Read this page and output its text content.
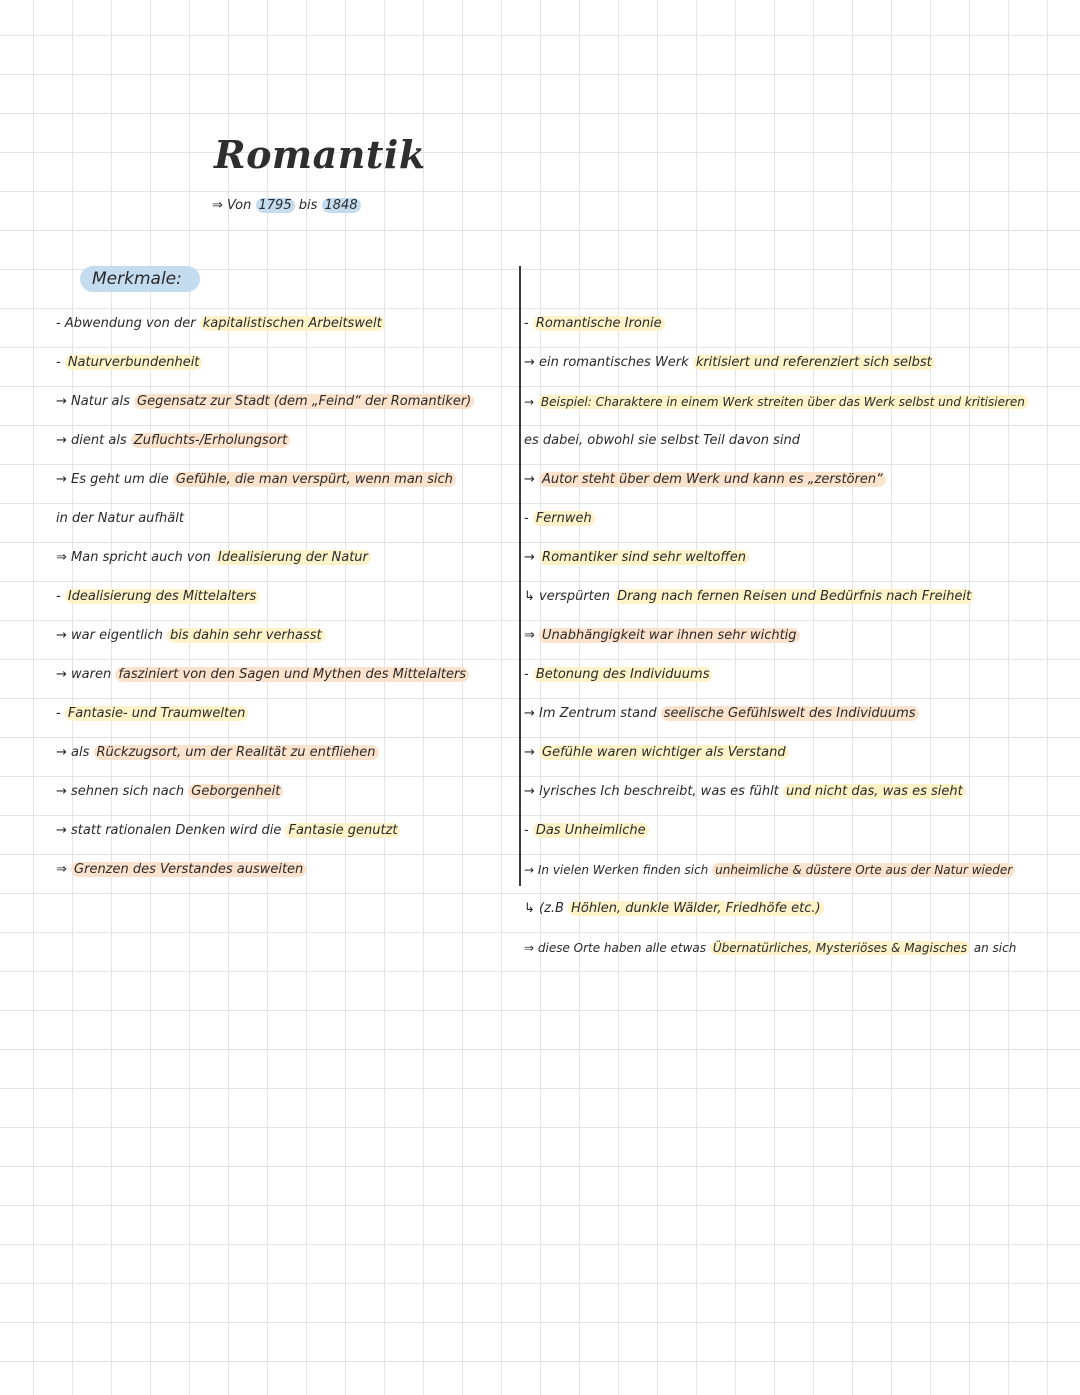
Romantik
⇒ Von 1795 bis 1848
Merkmale:
- Abwendung von der kapitalistischen Arbeitswelt
- Naturverbundenheit
→ Natur als Gegensatz zur Stadt (dem „Feind“ der Romantiker)
→ dient als Zufluchts-/Erholungsort
→ Es geht um die Gefühle, die man verspürt, wenn man sich
in der Natur aufhält
⇒ Man spricht auch von Idealisierung der Natur
- Idealisierung des Mittelalters
→ war eigentlich bis dahin sehr verhasst
→ waren fasziniert von den Sagen und Mythen des Mittelalters
- Fantasie- und Traumwelten
→ als Rückzugsort, um der Realität zu entfliehen
→ sehnen sich nach Geborgenheit
→ statt rationalen Denken wird die Fantasie genutzt
⇒ Grenzen des Verstandes ausweiten
- Romantische Ironie
→ ein romantisches Werk kritisiert und referenziert sich selbst
→ Beispiel: Charaktere in einem Werk streiten über das Werk selbst und kritisieren
es dabei, obwohl sie selbst Teil davon sind
→ Autor steht über dem Werk und kann es „zerstören“
- Fernweh
→ Romantiker sind sehr weltoffen
↳ verspürten Drang nach fernen Reisen und Bedürfnis nach Freiheit
⇒ Unabhängigkeit war ihnen sehr wichtig
- Betonung des Individuums
→ Im Zentrum stand seelische Gefühlswelt des Individuums
→ Gefühle waren wichtiger als Verstand
→ lyrisches Ich beschreibt, was es fühlt und nicht das, was es sieht
- Das Unheimliche
→ In vielen Werken finden sich unheimliche & düstere Orte aus der Natur wieder
↳ (z.B Höhlen, dunkle Wälder, Friedhöfe etc.)
⇒ diese Orte haben alle etwas Übernatürliches, Mysteriöses & Magisches an sich
